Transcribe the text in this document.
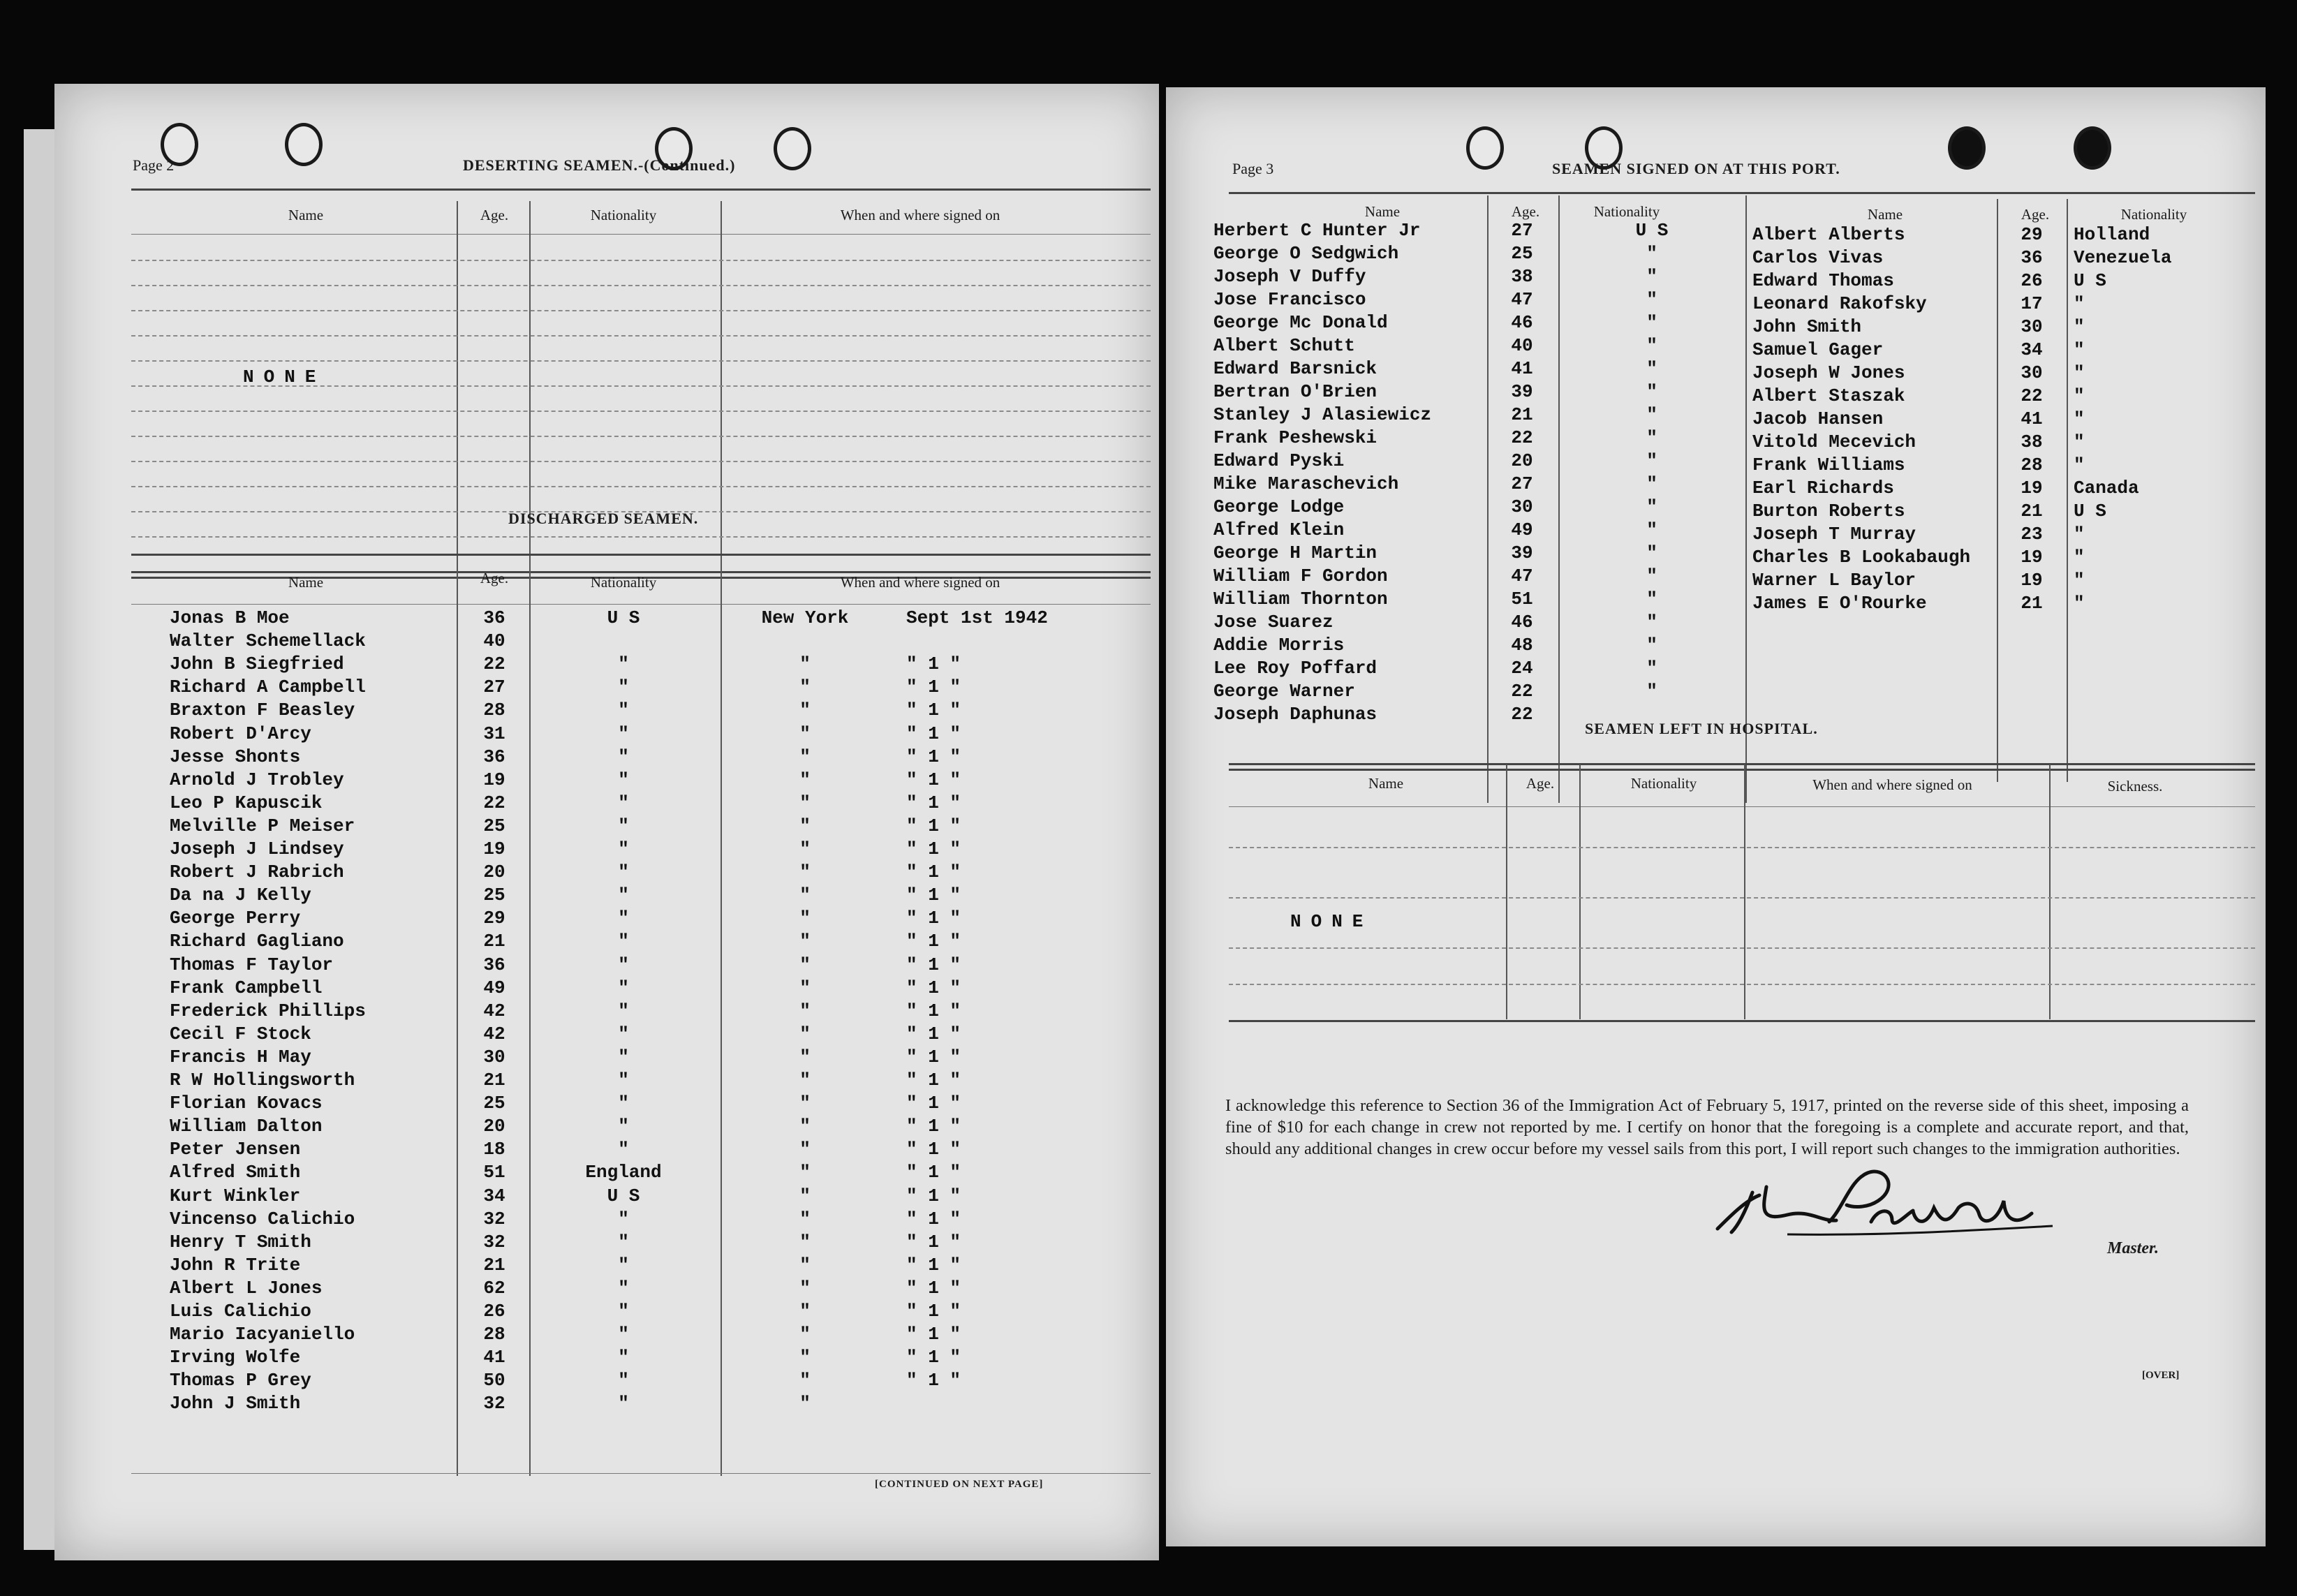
Page 2	DESERTING SEAMEN.-(Continued.)
Name	Age.	Nationality	When and where signed on
NONE
DISCHARGED SEAMEN.
Name	Age.	Nationality	When and where signed on
Jonas B Moe	36	U S	New York	Sept 1st 1942
Walter Schemellack	40
John B Siegfried	22	"	"	" 1 "
Richard A Campbell	27	"	"	" 1 "
Braxton F Beasley	28	"	"	" 1 "
Robert D'Arcy	31	"	"	" 1 "
Jesse Shonts	36	"	"	" 1 "
Arnold J Trobley	19	"	"	" 1 "
Leo P Kapuscik	22	"	"	" 1 "
Melville P Meiser	25	"	"	" 1 "
Joseph J Lindsey	19	"	"	" 1 "
Robert J Rabrich	20	"	"	" 1 "
Da na J Kelly	25	"	"	" 1 "
George Perry	29	"	"	" 1 "
Richard Gagliano	21	"	"	" 1 "
Thomas F Taylor	36	"	"	" 1 "
Frank Campbell	49	"	"	" 1 "
Frederick Phillips	42	"	"	" 1 "
Cecil F Stock	42	"	"	" 1 "
Francis H May	30	"	"	" 1 "
R W Hollingsworth	21	"	"	" 1 "
Florian Kovacs	25	"	"	" 1 "
William Dalton	20	"	"	" 1 "
Peter Jensen	18	"	"	" 1 "
Alfred Smith	51	England	"	" 1 "
Kurt Winkler	34	U S	"	" 1 "
Vincenso Calichio	32	"	"	" 1 "
Henry T Smith	32	"	"	" 1 "
John R Trite	21	"	"	" 1 "
Albert L Jones	62	"	"	" 1 "
Luis Calichio	26	"	"	" 1 "
Mario Iacyaniello	28	"	"	" 1 "
Irving Wolfe	41	"	"	" 1 "
Thomas P Grey	50	"	"	" 1 "
John J Smith	32	"	"
[CONTINUED ON NEXT PAGE]
Page 3	SEAMEN SIGNED ON AT THIS PORT.
Name	Age.	Nationality	Name	Age.	Nationality
Herbert C Hunter Jr	27	U S
George O Sedgwich	25	"
Joseph V Duffy	38	"
Jose Francisco	47	"
George Mc Donald	46	"
Albert Schutt	40	"
Edward Barsnick	41	"
Bertran O'Brien	39	"
Stanley J Alasiewicz	21	"
Frank Peshewski	22	"
Edward Pyski	20	"
Mike Maraschevich	27	"
George Lodge	30	"
Alfred Klein	49	"
George H Martin	39	"
William F Gordon	47	"
William Thornton	51	"
Jose Suarez	46	"
Addie Morris	48	"
Lee Roy Poffard	24	"
George Warner	22	"
Joseph Daphunas	22
Albert Alberts	29	Holland
Carlos Vivas	36	Venezuela
Edward Thomas	26	U S
Leonard Rakofsky	17	"
John Smith	30	"
Samuel Gager	34	"
Joseph W Jones	30	"
Albert Staszak	22	"
Jacob Hansen	41	"
Vitold Mecevich	38	"
Frank Williams	28	"
Earl Richards	19	Canada
Burton Roberts	21	U S
Joseph T Murray	23	"
Charles B Lookabaugh	19	"
Warner L Baylor	19	"
James E O'Rourke	21	"
SEAMEN LEFT IN HOSPITAL.
Name	Age.	Nationality	When and where signed on	Sickness.
NONE
I acknowledge this reference to Section 36 of the Immigration Act of February 5, 1917, printed on the reverse side of this sheet, imposing a fine of $10 for each change in crew not reported by me. I certify on honor that the foregoing is a complete and accurate report, and that, should any additional changes in crew occur before my vessel sails from this port, I will report such changes to the immigration authorities.
Master.
[OVER]
